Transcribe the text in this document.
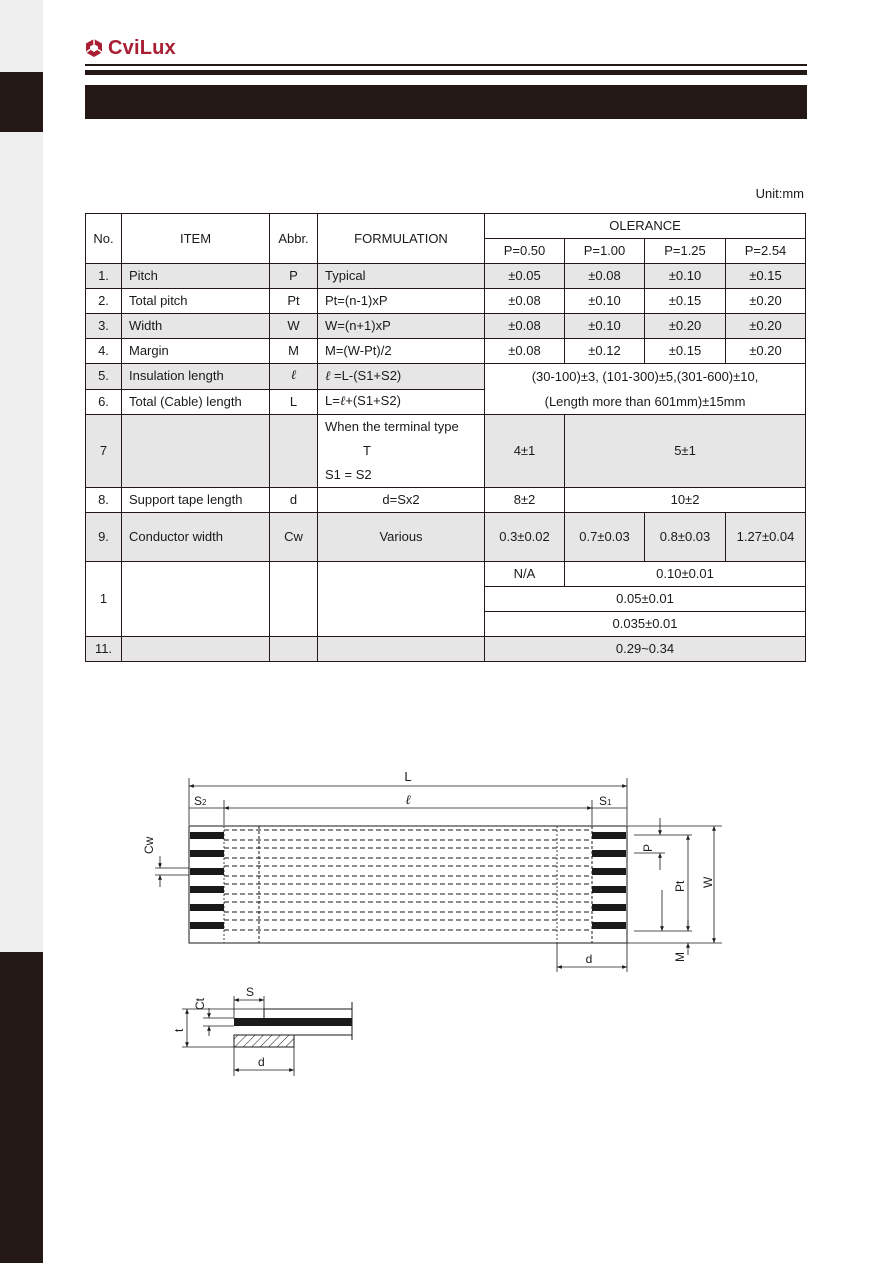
CviLux
Unit:mm
No.	ITEM	Abbr.	FORMULATION	OLERANCE			
				P=0.50	P=1.00	P=1.25	P=2.54
1.	Pitch	P	Typical	±0.05	±0.08	±0.10	±0.15
2.	Total pitch	Pt	Pt=(n-1)xP	±0.08	±0.10	±0.15	±0.20
3.	Width	W	W=(n+1)xP	±0.08	±0.10	±0.20	±0.20
4.	Margin	M	M=(W-Pt)/2	±0.08	±0.12	±0.15	±0.20
5.	Insulation length	ℓ	ℓ =L-(S1+S2)	(30-100)±3, (101-300)±5,(301-600)±10,
(Length more than 601mm)±15mm			

6.	Total (Cable) length	L	L=ℓ+(S1+S2)				
7			When the terminal type
T
S1 = S2	4±1	5±1		
8.	Support tape length	d	d=Sx2	8±2	10±2		
9.	Conductor width	Cw	Various	0.3±0.02	0.7±0.03	0.8±0.03	1.27±0.04
1				N/A	0.10±0.01		
				0.05±0.01			
				0.035±0.01			
11.				0.29~0.34			
L
ℓ
S2	S1
Cw	P
Pt W
M
d
S
Ct
t
d
